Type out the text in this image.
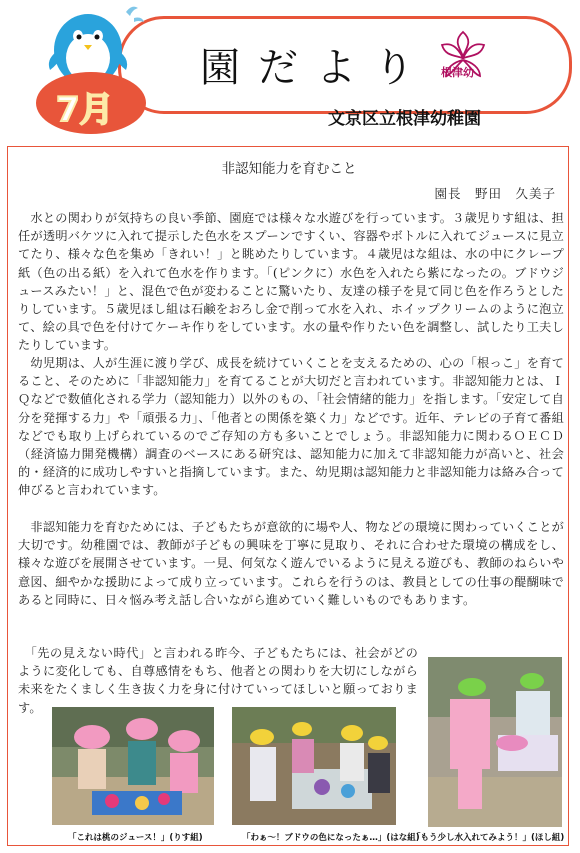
園だより 根津幼
7月	文京区立根津幼稚園
非認知能力を育むこと
園長　野田　久美子
　水との関わりが気持ちの良い季節、園庭では様々な水遊びを行っています。３歳児りす組は、担任が透明バケツに入れて提示した色水をスプーンですくい、容器やボトルに入れてジュースに見立てたり、様々な色を集め「きれい！」と眺めたりしています。４歳児はな組は、水の中にクレープ紙（色の出る紙）を入れて色水を作ります。「(ピンクに）水色を入れたら紫になったの。ブドウジュースみたい！」と、混色で色が変わることに驚いたり、友達の様子を見て同じ色を作ろうとしたりしています。５歳児ほし組は石鹸をおろし金で削って水を入れ、ホイップクリームのように泡立て、絵の具で色を付けてケーキ作りをしています。水の量や作りたい色を調整し、試したり工夫したりしています。
　幼児期は、人が生涯に渡り学び、成長を続けていくことを支えるための、心の「根っこ」を育てること、そのために「非認知能力」を育てることが大切だと言われています。非認知能力とは、ＩＱなどで数値化される学力（認知能力）以外のもの、「社会情緒的能力」を指します。「安定して自分を発揮する力」や「頑張る力」、「他者との関係を築く力」などです。近年、テレビの子育て番組などでも取り上げられているのでご存知の方も多いことでしょう。非認知能力に関わるＯＥＣＤ（経済協力開発機構）調査のベースにある研究は、認知能力に加えて非認知能力が高いと、社会的・経済的に成功しやすいと指摘しています。また、幼児期は認知能力と非認知能力は絡み合って伸びると言われています。
　非認知能力を育むためには、子どもたちが意欲的に場や人、物などの環境に関わっていくことが大切です。幼稚園では、教師が子どもの興味を丁寧に見取り、それに合わせた環境の構成をし、様々な遊びを展開させています。一見、何気なく遊んでいるように見える遊びも、教師のねらいや意図、細やかな援助によって成り立っています。これらを行うのは、教員としての仕事の醍醐味であると同時に、日々悩み考え話し合いながら進めていく難しいものでもあります。
　「先の見えない時代」と言われる昨今、子どもたちには、社会がどのように変化しても、自尊感情をもち、他者との関わりを大切にしながら未来をたくましく生き抜く力を身に付けていってほしいと願っております。
「これは桃のジュース！」(りす組)	「わぁ～！ブドウの色になったぁ…」(はな組)
「もう少し水入れてみよう！」(ほし組)
